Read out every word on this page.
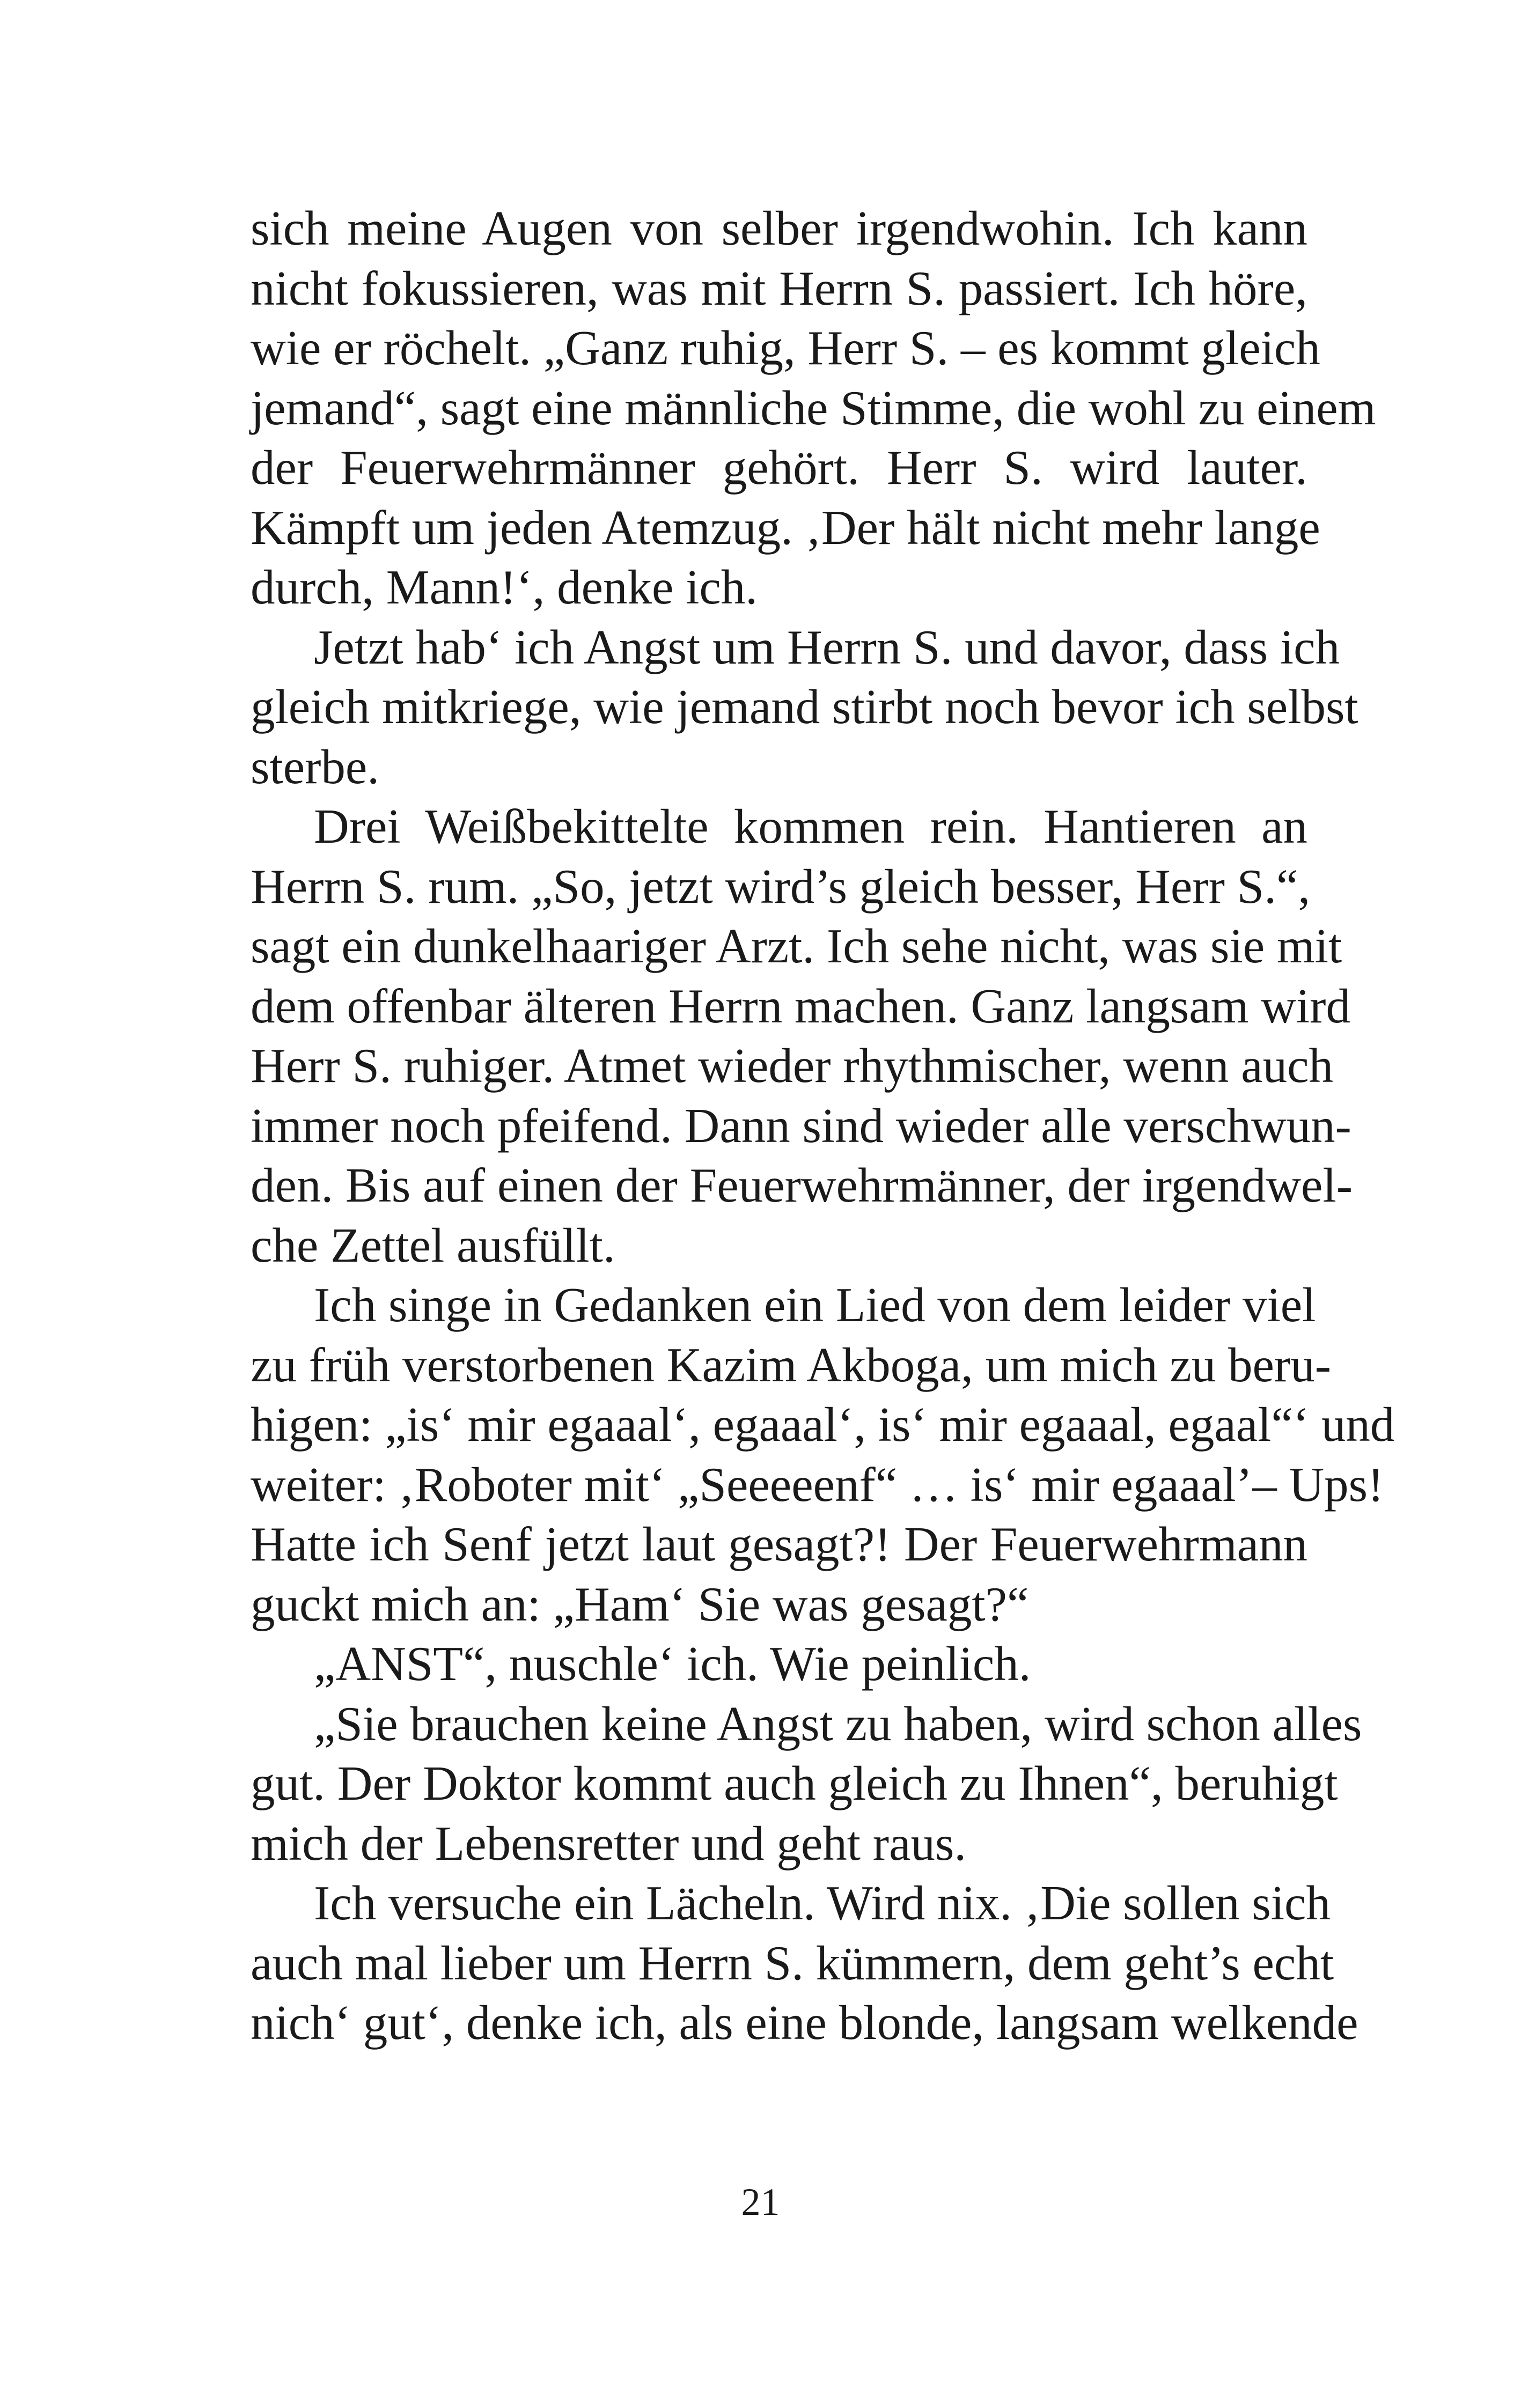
sich meine Augen von selber irgendwohin. Ich kann
nicht fokussieren, was mit Herrn S. passiert. Ich höre,
wie er röchelt. „Ganz ruhig, Herr S. – es kommt gleich
jemand“, sagt eine männliche Stimme, die wohl zu einem
der Feuerwehrmänner gehört. Herr S. wird lauter.
Kämpft um jeden Atemzug. ‚Der hält nicht mehr lange
durch, Mann!‘, denke ich.
Jetzt hab‘ ich Angst um Herrn S. und davor, dass ich
gleich mitkriege, wie jemand stirbt noch bevor ich selbst
sterbe.
Drei Weißbekittelte kommen rein. Hantieren an
Herrn S. rum. „So, jetzt wird’s gleich besser, Herr S.“,
sagt ein dunkelhaariger Arzt. Ich sehe nicht, was sie mit
dem offenbar älteren Herrn machen. Ganz langsam wird
Herr S. ruhiger. Atmet wieder rhythmischer, wenn auch
immer noch pfeifend. Dann sind wieder alle verschwun-
den. Bis auf einen der Feuerwehrmänner, der irgendwel-
che Zettel ausfüllt.
Ich singe in Gedanken ein Lied von dem leider viel
zu früh verstorbenen Kazim Akboga, um mich zu beru-
higen: „is‘ mir egaaal‘, egaaal‘, is‘ mir egaaal, egaal“‘ und
weiter: ‚Roboter mit‘ „Seeeeenf“ … is‘ mir egaaal’– Ups!
Hatte ich Senf jetzt laut gesagt?! Der Feuerwehrmann
guckt mich an: „Ham‘ Sie was gesagt?“
„ANST“, nuschle‘ ich. Wie peinlich.
„Sie brauchen keine Angst zu haben, wird schon alles
gut. Der Doktor kommt auch gleich zu Ihnen“, beruhigt
mich der Lebensretter und geht raus.
Ich versuche ein Lächeln. Wird nix. ‚Die sollen sich
auch mal lieber um Herrn S. kümmern, dem geht’s echt
nich‘ gut‘, denke ich, als eine blonde, langsam welkende
21
